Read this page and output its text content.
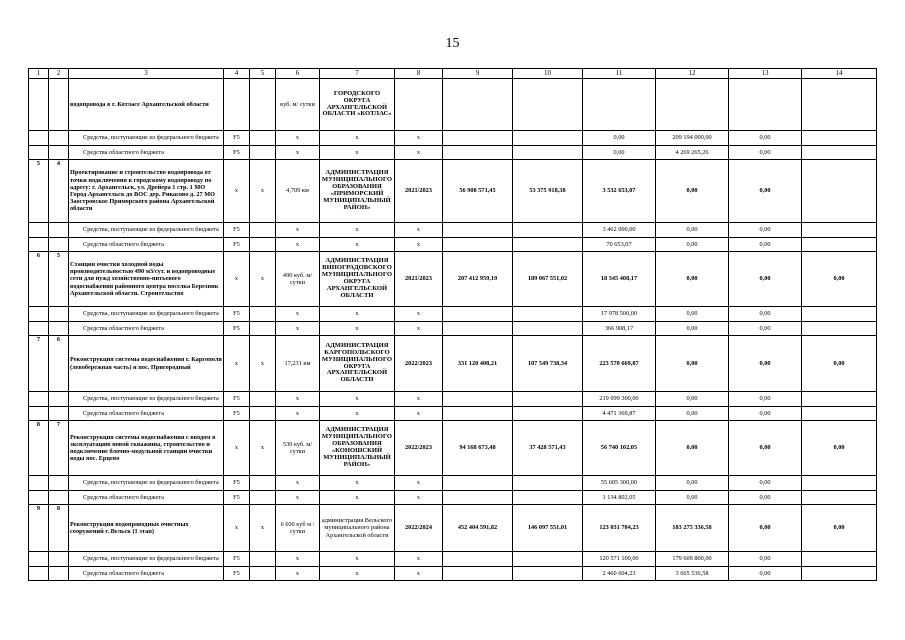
15
1	2	3	4	5	6	7	8	9	10	11	12	13	14
		водопровода в г. Котласе Архангельской области			куб. м/ сутки	ГОРОДСКОГО ОКРУГА АРХАНГЕЛЬСКОЙ ОБЛАСТИ «КОТЛАС»							
		Средства, поступающие из федерального бюджета	F5		x	x	x			0,00	209 194 000,00	0,00	
		Средства областного бюджета	F5		x	x	x			0,00	4 269 265,26	0,00	
5	4	Проектирование и строительство водопровода от точки подключения к городскому водопроводу по адресу: г. Архангельск, ул. Дрейера 1 стр. 1 МО Город Архангельск до ВОС дер. Рикасово д. 27 МО Заостровское Приморского района Архангельской области	x	x	4,709 км	АДМИНИСТРАЦИЯ МУНИЦИПАЛЬНОГО ОБРАЗОВАНИЯ «ПРИМОРСКИЙ МУНИЦИПАЛЬНЫЙ РАЙОН»	2021/2023	56 908 571,45	53 375 918,38	3 532 653,07	0,00	0,00	
		Средства, поступающие из федерального бюджета	F5		x	x	x			3 462 000,00	0,00	0,00	
		Средства областного бюджета	F5		x	x	x			70 653,07	0,00	0,00	
6	5	Станция очистки холодной воды производительностью 490 м3/сут. и водопроводные сети для нужд хозяйственно-питьевого водоснабжения районного центра поселка Березник Архангельской области. Строительство	x	x	490 куб. м/ сутки	АДМИНИСТРАЦИЯ ВИНОГРАДОВСКОГО МУНИЦИПАЛЬНОГО ОКРУГА АРХАНГЕЛЬСКОЙ ОБЛАСТИ	2021/2023	207 412 959,19	189 067 551,02	18 345 408,17	0,00	0,00	0,00
		Средства, поступающие из федерального бюджета	F5		x	x	x			17 978 500,00	0,00	0,00	
		Средства областного бюджета	F5		x	x	x			366 908,17	0,00	0,00	
7	6	Реконструкция системы водоснабжения г. Каргополя (левобережная часть) и пос. Пригородный	x	x	17,231 км	АДМИНИСТРАЦИЯ КАРГОПОЛЬСКОГО МУНИЦИПАЛЬНОГО ОКРУГА АРХАНГЕЛЬСКОЙ ОБЛАСТИ	2022/2023	331 120 408,21	107 549 738,34	223 570 669,87	0,00	0,00	0,00
		Средства, поступающие из федерального бюджета	F5		x	x	x			219 099 300,00	0,00	0,00	
		Средства областного бюджета	F5		x	x	x			4 471 369,87	0,00	0,00	
8	7	Реконструкция системы водоснабжения с вводом в эксплуатацию новой скважины, строительство и подключение блочно-модульной станции очистки воды пос. Ерцево	x	x	530 куб. м/сутки	АДМИНИСТРАЦИЯ МУНИЦИПАЛЬНОГО ОБРАЗОВАНИЯ «КОНОШСКИЙ МУНИЦИПАЛЬНЫЙ РАЙОН»	2022/2023	94 168 673,48	37 428 571,43	56 740 102,05	0,00	0,00	0,00
		Средства, поступающие из федерального бюджета	F5		x	x	x			55 605 300,00	0,00	0,00	
		Средства областного бюджета	F5		x	x	x			1 134 802,05	0,00	0,00	
9	8	Реконструкция водопроводных очистных сооружений г. Вельск (1 этап)	x	x	6 600 куб м / сутки	администрация Вельского муниципального района Архангельской области	2022/2024	452 404 591,82	146 097 551,01	123 031 704,23	183 275 336,58	0,00	0,00
		Средства, поступающие из федерального бюджета	F5		x	x	x			120 571 100,00	179 609 800,00	0,00	
		Средства областного бюджета	F5		x	x	x			2 460 604,23	3 665 536,58	0,00	
